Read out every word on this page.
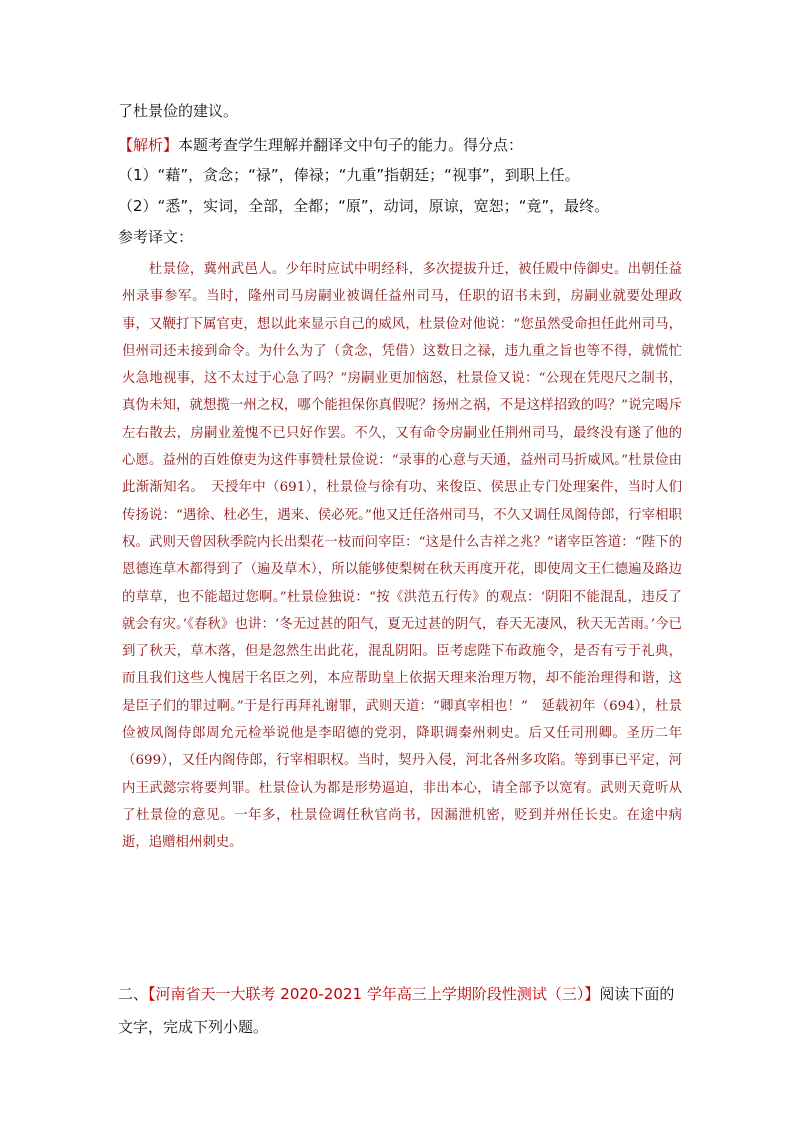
了杜景俭的建议。
【解析】本题考查学生理解并翻译文中句子的能力。得分点：
（1）“藉”，贪念；“禄”，俸禄；“九重”指朝廷；“视事”，到职上任。
（2）“悉”，实词，全部，全都；“原”，动词，原谅，宽恕；“竟”，最终。
参考译文：

杜景俭，冀州武邑人。少年时应试中明经科，多次提拔升迁，被任殿中侍御史。出朝任益州录事参军。当时，隆州司马房嗣业被调任益州司马，任职的诏书未到，房嗣业就要处理政事，又鞭打下属官吏，想以此来显示自己的威风，杜景俭对他说：“您虽然受命担任此州司马，但州司还未接到命令。为什么为了（贪念，凭借）这数日之禄，违九重之旨也等不得，就慌忙火急地视事，这不太过于心急了吗？”房嗣业更加恼怒，杜景俭又说：“公现在凭咫尺之制书，真伪未知，就想揽一州之权，哪个能担保你真假呢？扬州之祸，不是这样招致的吗？”说完喝斥左右散去，房嗣业羞愧不已只好作罢。不久，又有命令房嗣业任荆州司马，最终没有遂了他的心愿。益州的百姓僚吏为这件事赞杜景俭说：“录事的心意与天通，益州司马折威风。”杜景俭由此渐渐知名。　天授年中（691），杜景俭与徐有功、来俊臣、侯思止专门处理案件，当时人们传扬说：“遇徐、杜必生，遇来、侯必死。”他又迁任洛州司马，不久又调任凤阁侍郎，行宰相职权。武则天曾因秋季院内长出梨花一枝而问宰臣：“这是什么吉祥之兆？”诸宰臣答道：“陛下的恩德连草木都得到了（遍及草木），所以能够使梨树在秋天再度开花，即使周文王仁德遍及路边的草草，也不能超过您啊。”杜景俭独说：“按《洪范五行传》的观点：‘阴阳不能混乱，违反了就会有灾。’《春秋》也讲：‘冬无过甚的阳气，夏无过甚的阴气，春天无凄风，秋天无苦雨。’今已到了秋天，草木落，但是忽然生出此花，混乱阴阳。臣考虑陛下布政施令，是否有亏于礼典，而且我们这些人愧居于名臣之列，本应帮助皇上依据天理来治理万物，却不能治理得和谐，这是臣子们的罪过啊。”于是行再拜礼谢罪，武则天道：“卿真宰相也！”　延载初年（694），杜景俭被凤阁侍郎周允元检举说他是李昭德的党羽，降职调秦州刺史。后又任司刑卿。圣历二年（699），又任内阁侍郎，行宰相职权。当时，契丹入侵，河北各州多攻陷。等到事已平定，河内王武懿宗将要判罪。杜景俭认为都是形势逼迫，非出本心，请全部予以宽宥。武则天竟听从了杜景俭的意见。一年多，杜景俭调任秋官尚书，因漏泄机密，贬到并州任长史。在途中病逝，追赠相州刺史。

二、【河南省天一大联考 2020-2021 学年高三上学期阶段性测试（三）】阅读下面的文字，完成下列小题。
